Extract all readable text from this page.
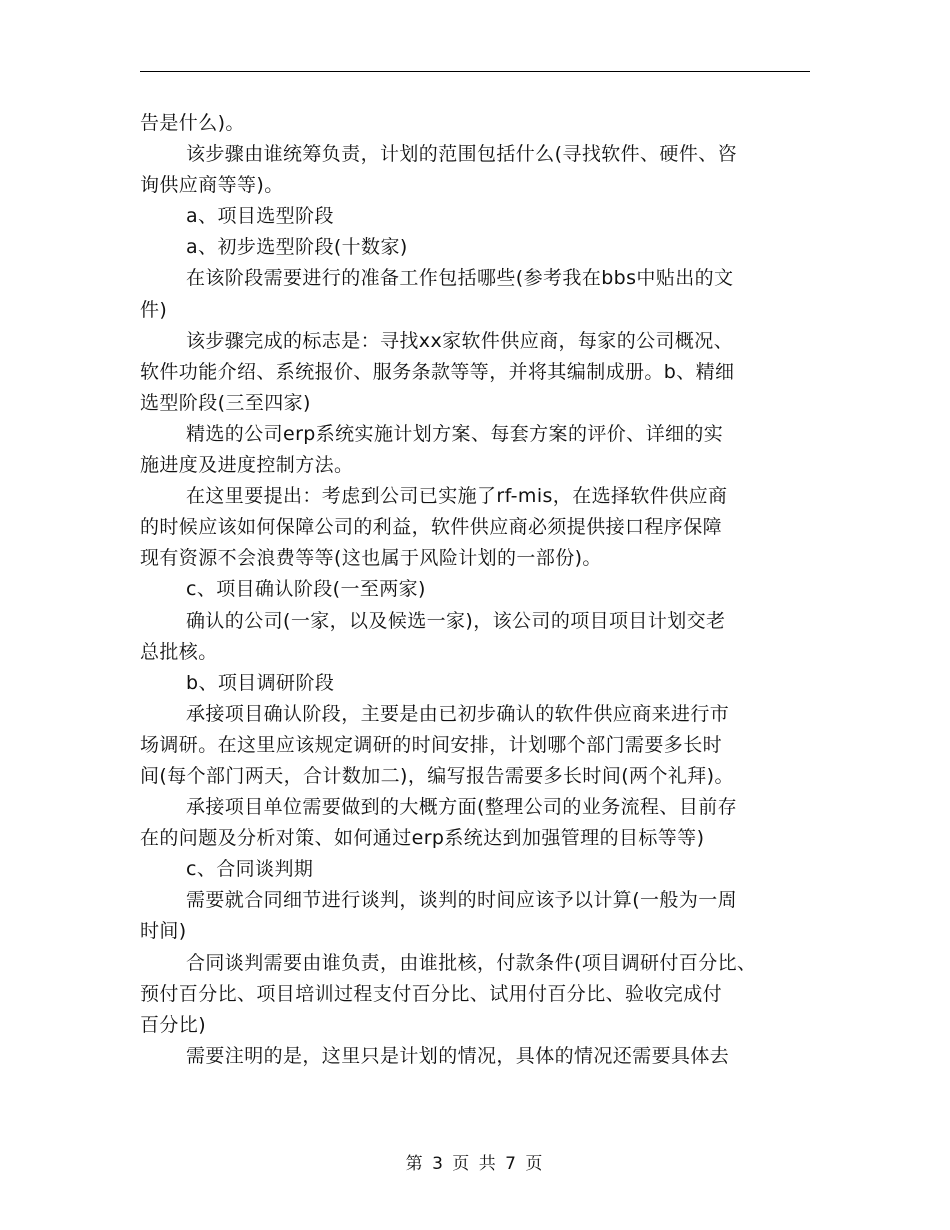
告是什么)。
该步骤由谁统筹负责，计划的范围包括什么(寻找软件、硬件、咨
询供应商等等)。
a、项目选型阶段
a、初步选型阶段(十数家)
在该阶段需要进行的准备工作包括哪些(参考我在bbs中贴出的文
件)
该步骤完成的标志是：寻找xx家软件供应商，每家的公司概况、
软件功能介绍、系统报价、服务条款等等，并将其编制成册。b、精细
选型阶段(三至四家)
精选的公司erp系统实施计划方案、每套方案的评价、详细的实
施进度及进度控制方法。
在这里要提出：考虑到公司已实施了rf-mis，在选择软件供应商
的时候应该如何保障公司的利益，软件供应商必须提供接口程序保障
现有资源不会浪费等等(这也属于风险计划的一部份)。
c、项目确认阶段(一至两家)
确认的公司(一家，以及候选一家)，该公司的项目项目计划交老
总批核。
b、项目调研阶段
承接项目确认阶段，主要是由已初步确认的软件供应商来进行市
场调研。在这里应该规定调研的时间安排，计划哪个部门需要多长时
间(每个部门两天，合计数加二)，编写报告需要多长时间(两个礼拜)。
承接项目单位需要做到的大概方面(整理公司的业务流程、目前存
在的问题及分析对策、如何通过erp系统达到加强管理的目标等等)
c、合同谈判期
需要就合同细节进行谈判，谈判的时间应该予以计算(一般为一周
时间)
合同谈判需要由谁负责，由谁批核，付款条件(项目调研付百分比、
预付百分比、项目培训过程支付百分比、试用付百分比、验收完成付
百分比)
需要注明的是，这里只是计划的情况，具体的情况还需要具体去
第 3 页 共 7 页
